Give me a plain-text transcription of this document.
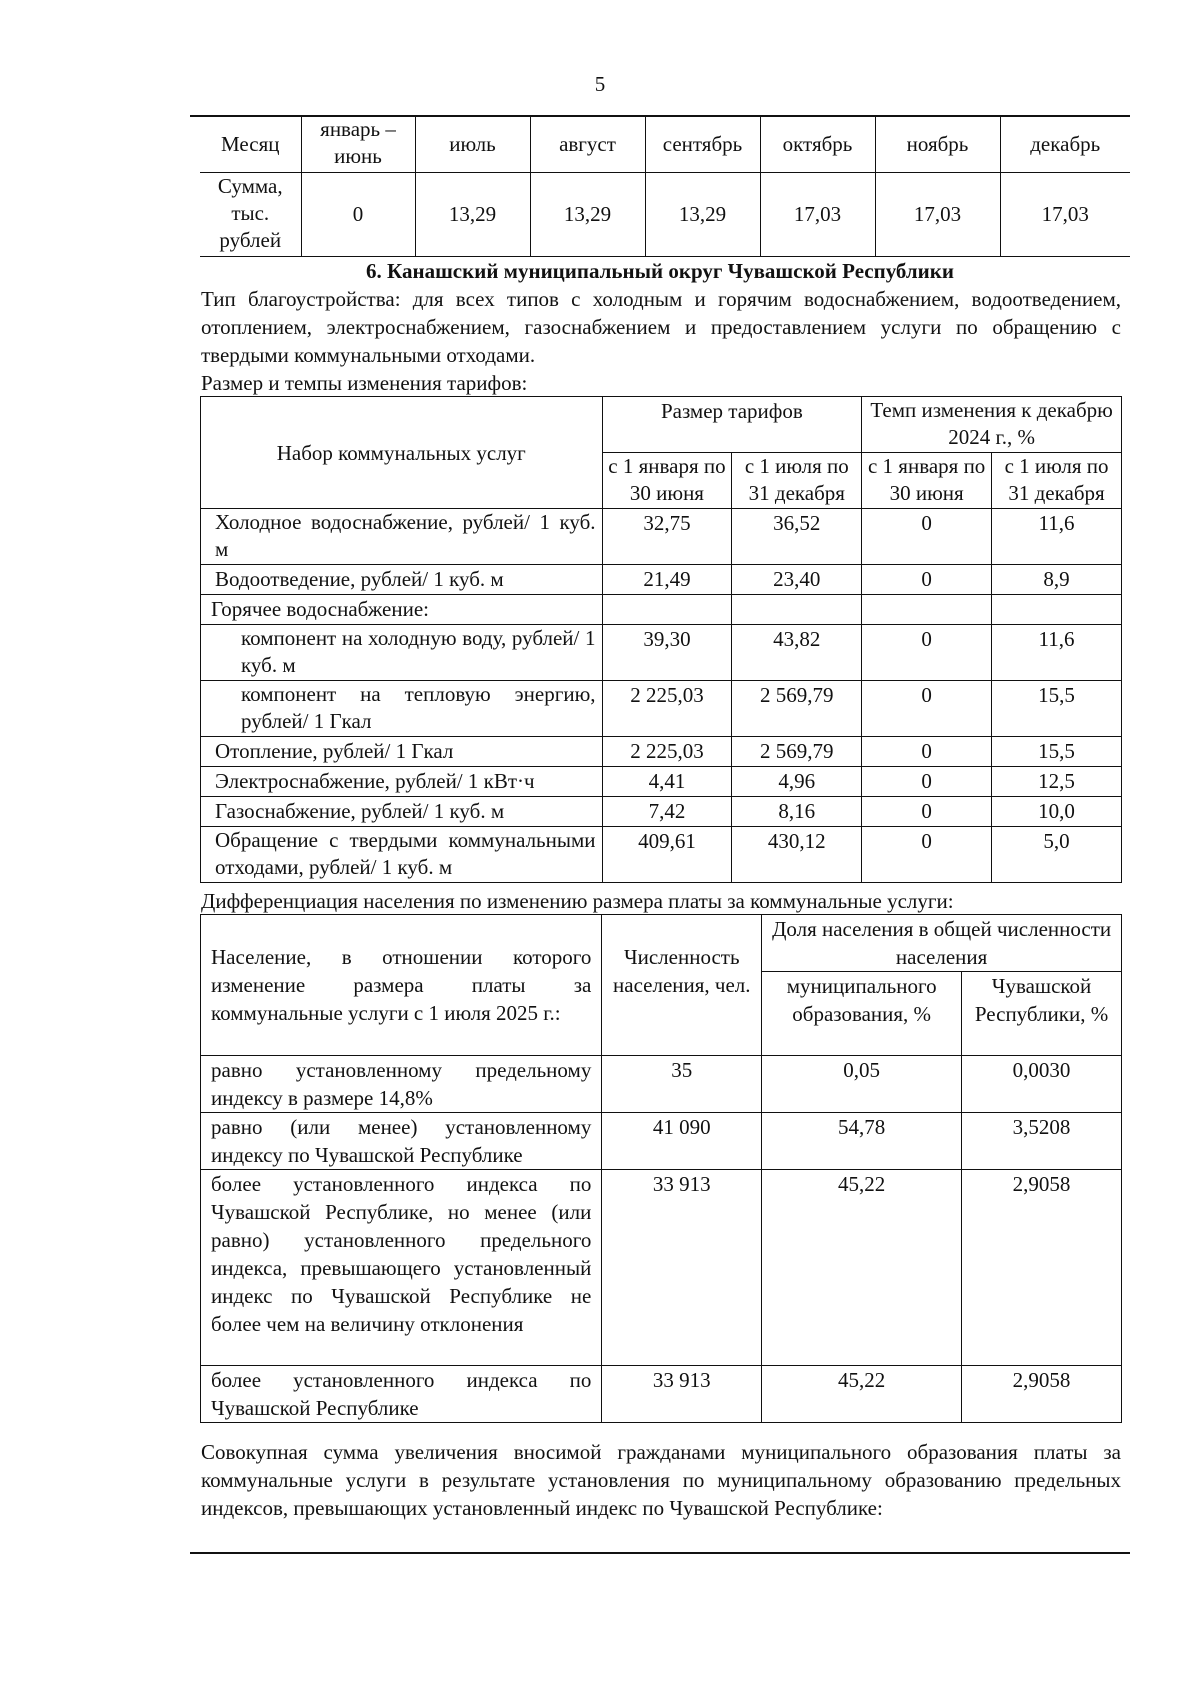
5
Месяц	январь – июнь	июль	август	сентябрь	октябрь	ноябрь	декабрь
Сумма, тыс. рублей	0	13,29	13,29	13,29	17,03	17,03	17,03
6. Канашский муниципальный округ Чувашской Республики
Тип благоустройства: для всех типов с холодным и горячим водоснабжением, водоотведением, отоплением, электроснабжением, газоснабжением и предоставлением услуги по обращению с твердыми коммунальными отходами.
Размер и темпы изменения тарифов:
Набор коммунальных услуг	Размер тарифов		Темп изменения к декабрю 2024 г., %	
	с 1 января по 30 июня	с 1 июля по 31 декабря	с 1 января по 30 июня	с 1 июля по 31 декабря
Холодное водоснабжение, рублей/ 1 куб. м	32,75	36,52	0	11,6
Водоотведение, рублей/ 1 куб. м	21,49	23,40	0	8,9
Горячее водоснабжение:				
компонент на холодную воду, рублей/ 1 куб. м	39,30	43,82	0	11,6
компонент на тепловую энергию, рублей/ 1 Гкал	2 225,03	2 569,79	0	15,5
Отопление, рублей/ 1 Гкал	2 225,03	2 569,79	0	15,5
Электроснабжение, рублей/ 1 кВт·ч	4,41	4,96	0	12,5
Газоснабжение, рублей/ 1 куб. м	7,42	8,16	0	10,0
Обращение с твердыми коммунальными отходами, рублей/ 1 куб. м	409,61	430,12	0	5,0
Дифференциация населения по изменению размера платы за коммунальные услуги:
Население, в отношении которого изменение размера платы за коммунальные услуги с 1 июля 2025 г.:	Численность населения, чел.	Доля населения в общей численности населения	
		муниципального образования, %	Чувашской Республики, %
равно установленному предельному индексу в размере 14,8%	35	0,05	0,0030
равно (или менее) установленному индексу по Чувашской Республике	41 090	54,78	3,5208
более установленного индекса по Чувашской Республике, но менее (или равно) установленного предельного индекса, превышающего установленный индекс по Чувашской Республике не более чем на величину отклонения	33 913	45,22	2,9058
более установленного индекса по Чувашской Республике	33 913	45,22	2,9058
Совокупная сумма увеличения вносимой гражданами муниципального образования платы за коммунальные услуги в результате установления по муниципальному образованию предельных индексов, превышающих установленный индекс по Чувашской Республике:
